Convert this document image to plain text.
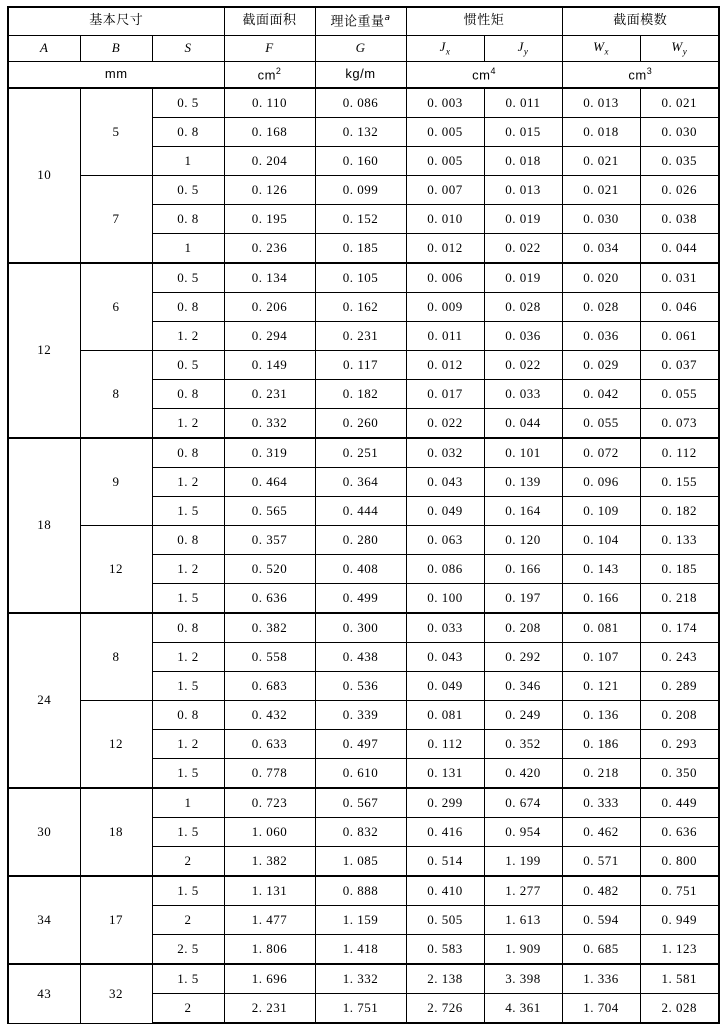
基本尺寸			截面面积	理论重量$^a$	惯性矩		截面模数	
A	B	S	F	G	$J_x$	$J_y$	$W_x$	$W_y$
mm			$cm^2$	kg/m	$cm^4$		$cm^3$
10	5	0. 5	0. 110	0. 086	0. 003	0. 011	0. 013	0. 021
		0. 8	0. 168	0. 132	0. 005	0. 015	0. 018	0. 030
		1	0. 204	0. 160	0. 005	0. 018	0. 021	0. 035
	7	0. 5	0. 126	0. 099	0. 007	0. 013	0. 021	0. 026
		0. 8	0. 195	0. 152	0. 010	0. 019	0. 030	0. 038
		1	0. 236	0. 185	0. 012	0. 022	0. 034	0. 044
12	6	0. 5	0. 134	0. 105	0. 006	0. 019	0. 020	0. 031
		0. 8	0. 206	0. 162	0. 009	0. 028	0. 028	0. 046
		1. 2	0. 294	0. 231	0. 011	0. 036	0. 036	0. 061
	8	0. 5	0. 149	0. 117	0. 012	0. 022	0. 029	0. 037
		0. 8	0. 231	0. 182	0. 017	0. 033	0. 042	0. 055
		1. 2	0. 332	0. 260	0. 022	0. 044	0. 055	0. 073
18	9	0. 8	0. 319	0. 251	0. 032	0. 101	0. 072	0. 112
		1. 2	0. 464	0. 364	0. 043	0. 139	0. 096	0. 155
		1. 5	0. 565	0. 444	0. 049	0. 164	0. 109	0. 182
	12	0. 8	0. 357	0. 280	0. 063	0. 120	0. 104	0. 133
		1. 2	0. 520	0. 408	0. 086	0. 166	0. 143	0. 185
		1. 5	0. 636	0. 499	0. 100	0. 197	0. 166	0. 218
24	8	0. 8	0. 382	0. 300	0. 033	0. 208	0. 081	0. 174
		1. 2	0. 558	0. 438	0. 043	0. 292	0. 107	0. 243
		1. 5	0. 683	0. 536	0. 049	0. 346	0. 121	0. 289
	12	0. 8	0. 432	0. 339	0. 081	0. 249	0. 136	0. 208
		1. 2	0. 633	0. 497	0. 112	0. 352	0. 186	0. 293
		1. 5	0. 778	0. 610	0. 131	0. 420	0. 218	0. 350
30	18	1	0. 723	0. 567	0. 299	0. 674	0. 333	0. 449
		1. 5	1. 060	0. 832	0. 416	0. 954	0. 462	0. 636
		2	1. 382	1. 085	0. 514	1. 199	0. 571	0. 800
34	17	1. 5	1. 131	0. 888	0. 410	1. 277	0. 482	0. 751
		2	1. 477	1. 159	0. 505	1. 613	0. 594	0. 949
		2. 5	1. 806	1. 418	0. 583	1. 909	0. 685	1. 123
43	32	1. 5	1. 696	1. 332	2. 138	3. 398	1. 336	1. 581
		2	2. 231	1. 751	2. 726	4. 361	1. 704	2. 028
